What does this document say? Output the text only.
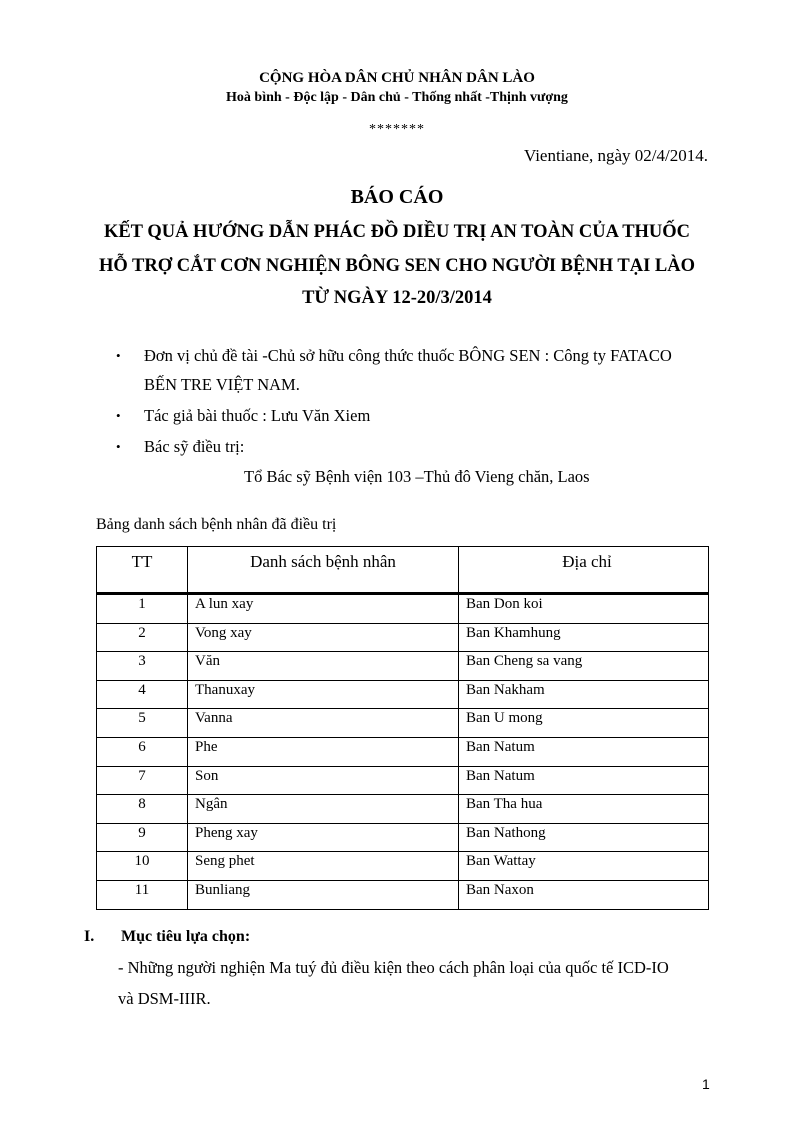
CỘNG HÒA DÂN CHỦ NHÂN DÂN LÀO
Hoà bình - Độc lập - Dân chủ - Thống nhất -Thịnh vượng
*******
Vientiane, ngày 02/4/2014.
BÁO CÁO
KẾT QUẢ HƯỚNG DẪN PHÁC ĐỒ DIỀU TRỊ AN TOÀN CỦA THUỐC
HỖ TRỢ CẮT CƠN NGHIỆN BÔNG SEN CHO NGƯỜI BỆNH TẠI LÀO
TỪ NGÀY 12-20/3/2014
•	Đơn vị chủ đề tài -Chủ sở hữu công thức thuốc BÔNG SEN : Công ty FATACO
BẾN TRE VIỆT NAM.
•	Tác giả bài thuốc : Lưu Văn Xiem
•	Bác sỹ điều trị:
Tổ Bác sỹ Bệnh viện 103 –Thủ đô Vieng chăn, Laos
Bảng danh sách bệnh nhân đã điều trị
TT	Danh sách bệnh nhân	Địa chỉ
1	A lun xay	Ban Don koi
2	Vong xay	Ban Khamhung
3	Văn	Ban Cheng sa vang
4	Thanuxay	Ban Nakham
5	Vanna	Ban U mong
6	Phe	Ban Natum
7	Son	Ban Natum
8	Ngân	Ban Tha hua
9	Pheng xay	Ban Nathong
10	Seng phet	Ban Wattay
11	Bunliang	Ban Naxon
I. Mục tiêu lựa chọn:
- Những người nghiện Ma tuý đủ điều kiện theo cách phân loại của quốc tế ICD-IO
và DSM-IIIR.
1
